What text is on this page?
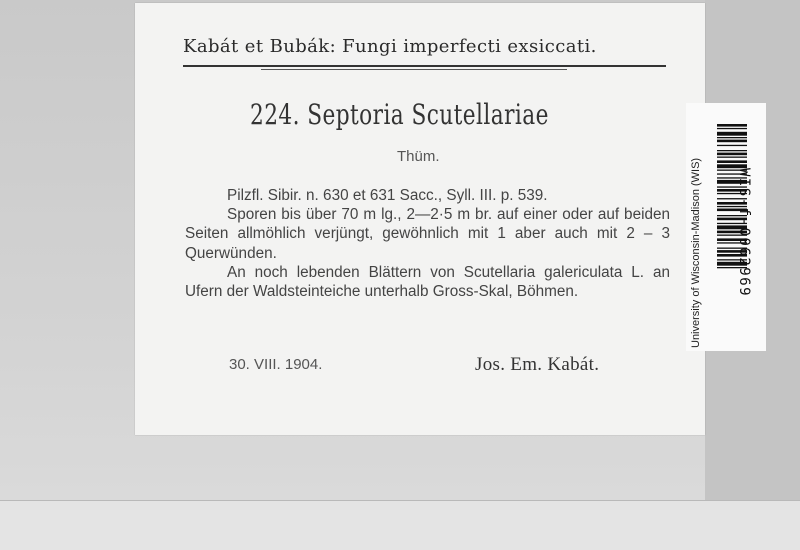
Kabát et Bubák: Fungi imperfecti exsiccati.
224. Septoria Scutellariae
Thüm.

Pilzfl. Sibir. n. 630 et 631 Sacc., Syll. III. p. 539.

Sporen bis über 70 m lg., 2—2·5 m br. auf einer oder auf beiden Seiten allmöhlich verjüngt, gewöhnlich mit 1 aber auch mit 2 – 3 Querwünden.

An noch lebenden Blättern von Scutellaria galericulata L. an Ufern der Waldsteinteiche unterhalb Gross-Skal, Böhmen.

30. VIII. 1904.	Jos. Em. Kabát.
University of Wisconsin-Madison (WIS) WIS-f-0062969
